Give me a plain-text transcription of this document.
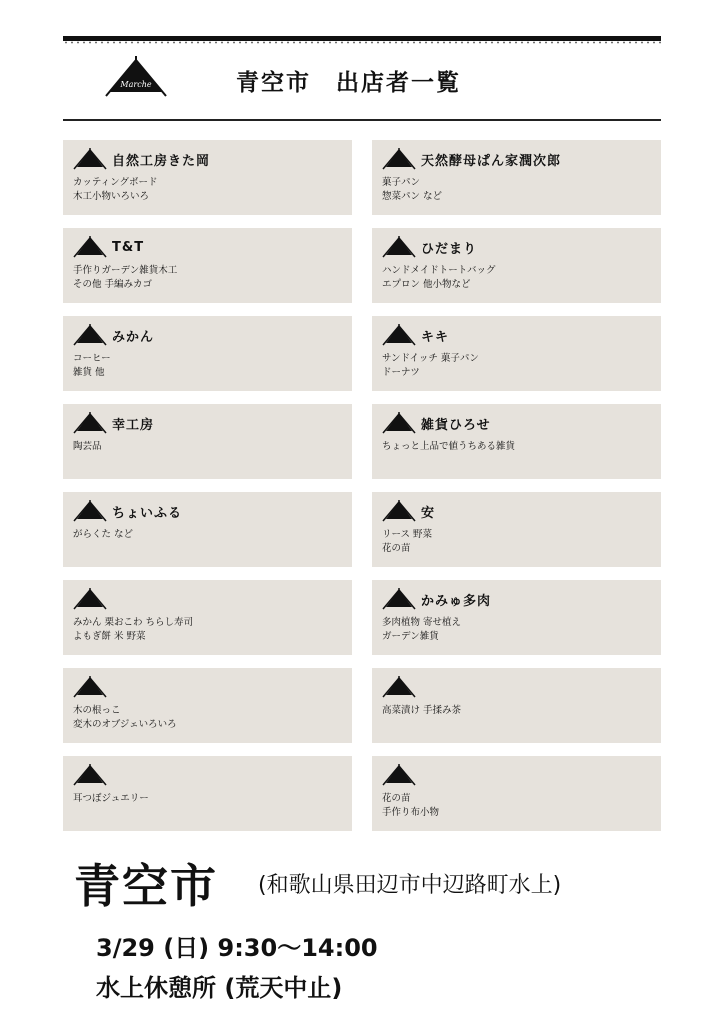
Marche	青空市　出店者一覧
自然工房きた岡
カッティングボード
木工小物いろいろ
天然酵母ぱん家潤次郎
菓子パン
惣菜パン など
T&T
手作りガーデン雑貨木工
その他 手編みカゴ
ひだまり
ハンドメイドトートバッグ
エプロン 他小物など
みかん
コーヒー
雑貨 他
キキ
サンドイッチ 菓子パン
ドーナツ
幸工房
陶芸品
雑貨ひろせ
ちょっと上品で値うちある雑貨
ちょいふる
がらくた など
安
リース 野菜
花の苗
みかん 栗おこわ ちらし寿司
よもぎ餅 米 野菜
かみゅ多肉
多肉植物 寄せ植え
ガーデン雑貨
木の根っこ
変木のオブジェいろいろ
高菜漬け 手揉み茶
耳つぼジュエリー	花の苗
手作り布小物
青空市 (和歌山県田辺市中辺路町水上)
3/29 (日) 9:30〜14:00
水上休憩所 (荒天中止)
